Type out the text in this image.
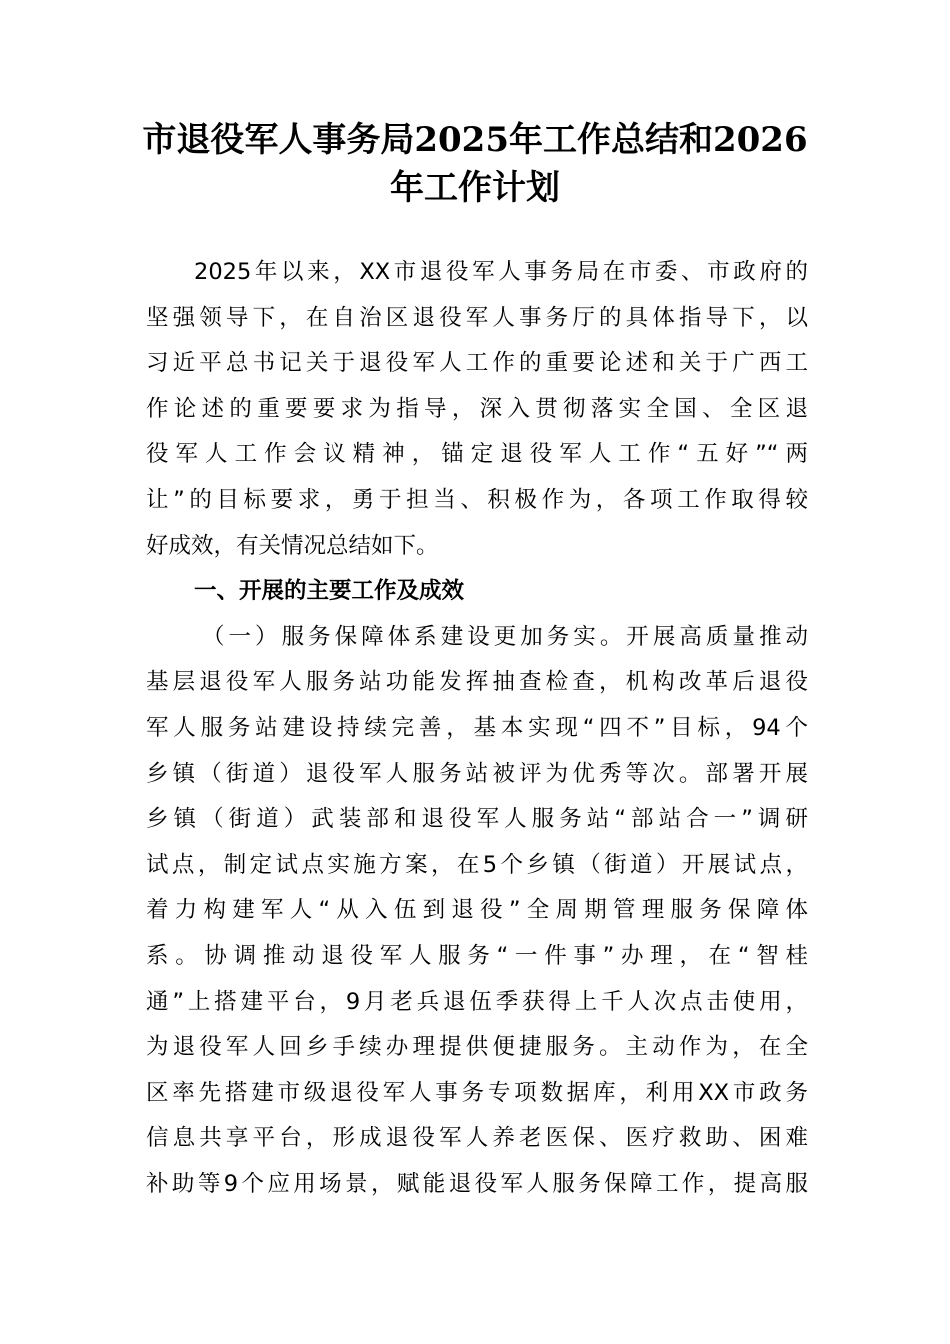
市退役军人事务局2025年工作总结和2026
年工作计划
2025年以来，XX市退役军人事务局在市委、市政府的
坚强领导下，在自治区退役军人事务厅的具体指导下，以
习近平总书记关于退役军人工作的重要论述和关于广西工
作论述的重要要求为指导，深入贯彻落实全国、全区退
役军人工作会议精神，锚定退役军人工作“五好”“两
让”的目标要求，勇于担当、积极作为，各项工作取得较
好成效，有关情况总结如下。
一、开展的主要工作及成效
（一）服务保障体系建设更加务实。开展高质量推动
基层退役军人服务站功能发挥抽查检查，机构改革后退役
军人服务站建设持续完善，基本实现“四不”目标，94个
乡镇（街道）退役军人服务站被评为优秀等次。部署开展
乡镇（街道）武装部和退役军人服务站“部站合一”调研
试点，制定试点实施方案，在5个乡镇（街道）开展试点，
着力构建军人“从入伍到退役”全周期管理服务保障体
系。协调推动退役军人服务“一件事”办理，在“智桂
通”上搭建平台，9月老兵退伍季获得上千人次点击使用，
为退役军人回乡手续办理提供便捷服务。主动作为，在全
区率先搭建市级退役军人事务专项数据库，利用XX市政务
信息共享平台，形成退役军人养老医保、医疗救助、困难
补助等9个应用场景，赋能退役军人服务保障工作，提高服
